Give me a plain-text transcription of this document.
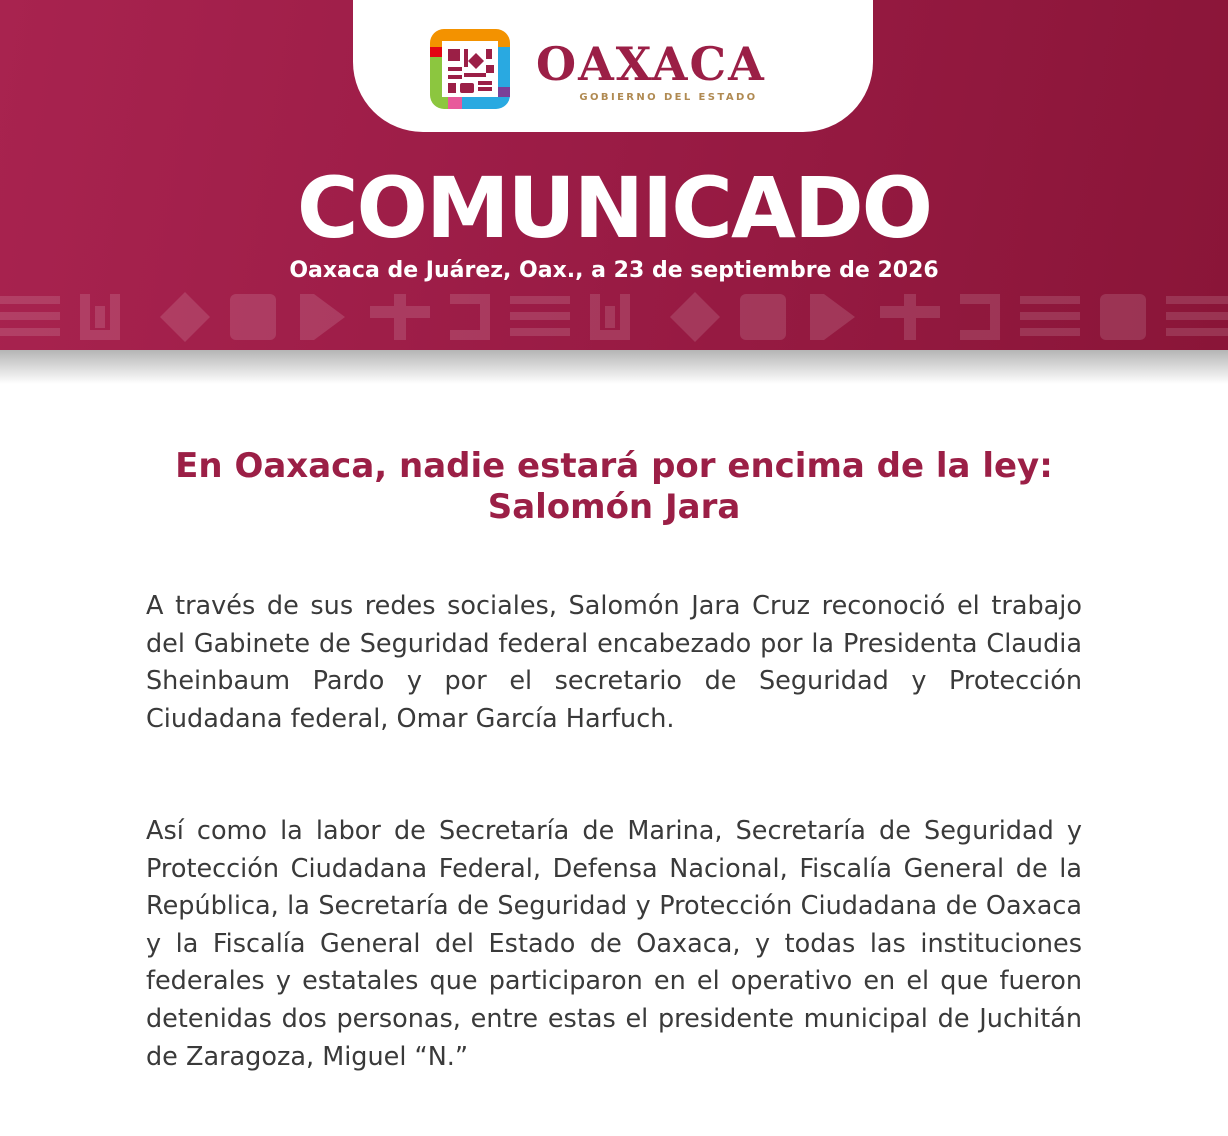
OAXACA
GOBIERNO DEL ESTADO
COMUNICADO
Oaxaca de Juárez, Oax., a 23 de septiembre de 2026
En Oaxaca, nadie estará por encima de la ley: Salomón Jara

A través de sus redes sociales, Salomón Jara Cruz reconoció el trabajo del Gabinete de Seguridad federal encabezado por la Presidenta Claudia Sheinbaum Pardo y por el secretario de Seguridad y Protección Ciudadana federal, Omar García Harfuch.

Así como la labor de Secretaría de Marina, Secretaría de Seguridad y Protección Ciudadana Federal, Defensa Nacional, Fiscalía General de la República, la Secretaría de Seguridad y Protección Ciudadana de Oaxaca y la Fiscalía General del Estado de Oaxaca, y todas las instituciones federales y estatales que participaron en el operativo en el que fueron detenidas dos personas, entre estas el presidente municipal de Juchitán de Zaragoza, Miguel “N.”
